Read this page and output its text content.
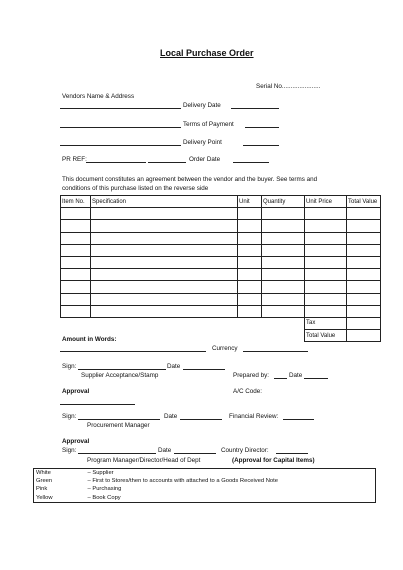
Local Purchase Order
Serial No......................
Vendors Name & Address
Delivery Date
Terms of Payment
Delivery Point
PR REF:	Order Date
This document constitutes an agreement between the vendor and the buyer. See terms and
conditions of this purchase listed on the reverse side
Item No.	Specification	Unit	Quantity	Unit Price	Total Value

				Tax	
				Total Value	
Amount in Words:
Currency
Sign:	Date
Supplier Acceptance/Stamp	Prepared by:	Date
Approval	A/C Code:
Sign:	Date	Financial Review:
Procurement Manager
Approval
Sign:	Date	Country Director:
Program Manager/Director/Head of Dept	(Approval for Capital Items)
White	– Supplier
Green	– First to Stores/then to accounts with attached to a Goods Received Note
Pink	– Purchasing
Yellow	– Book Copy
